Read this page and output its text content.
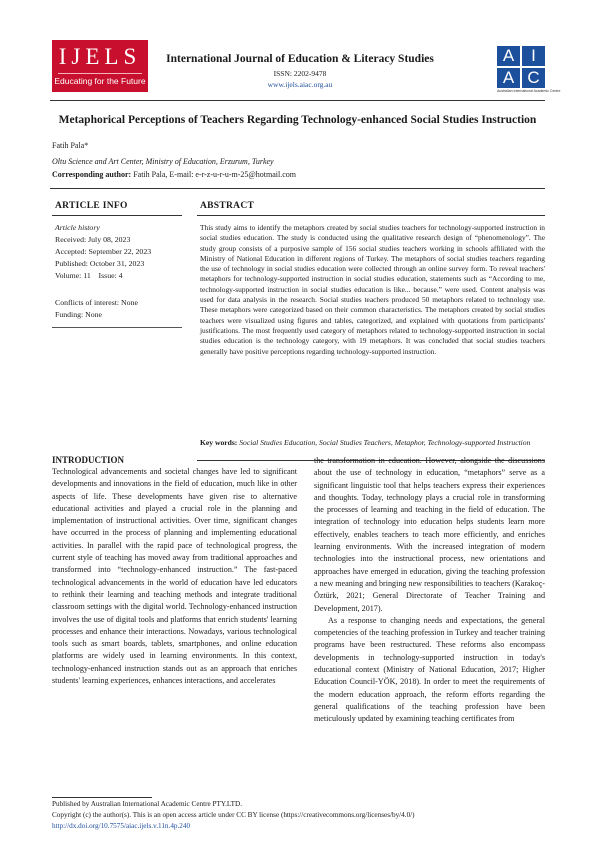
IJELS
Educating for the Future
International Journal of Education & Literacy Studies
ISSN: 2202-9478
www.ijels.aiac.org.au
A I
A C
Australian International Academic Centre
Metaphorical Perceptions of Teachers Regarding Technology-enhanced Social Studies Instruction
Fatih Pala*
Oltu Science and Art Center, Ministry of Education, Erzurum, Turkey
Corresponding author: Fatih Pala, E-mail: e-r-z-u-r-u-m-25@hotmail.com
ARTICLE INFO
Article history
Received: July 08, 2023
Accepted: September 22, 2023
Published: October 31, 2023
Volume: 11    Issue: 4
Conflicts of interest: None
Funding: None
ABSTRACT
This study aims to identify the metaphors created by social studies teachers for technology-supported instruction in social studies education. The study is conducted using the qualitative research design of “phenomenology”. The study group consists of a purposive sample of 156 social studies teachers working in schools affiliated with the Ministry of National Education in different regions of Turkey. The metaphors of social studies teachers regarding the use of technology in social studies education were collected through an online survey form. To reveal teachers' metaphors for technology-supported instruction in social studies education, statements such as “According to me, technology-supported instruction in social studies education is like... because.” were used. Content analysis was used for data analysis in the research. Social studies teachers produced 50 metaphors related to technology use. These metaphors were categorized based on their common characteristics. The metaphors created by social studies teachers were visualized using figures and tables, categorized, and explained with quotations from participants' justifications. The most frequently used category of metaphors related to technology-supported instruction in social studies education is the technology category, with 19 metaphors. It was concluded that social studies teachers generally have positive perceptions regarding technology-supported instruction.
Key words: Social Studies Education, Social Studies Teachers, Metaphor, Technology-supported Instruction
INTRODUCTION

Technological advancements and societal changes have led to significant developments and innovations in the field of education, much like in other aspects of life. These developments have given rise to alternative educational activities and played a crucial role in the planning and implementation of instructional activities. Over time, significant changes have occurred in the process of planning and implementing educational activities. In parallel with the rapid pace of technological progress, the current style of teaching has moved away from traditional approaches and transformed into “technology-enhanced instruction.” The fast-paced technological advancements in the world of education have led educators to rethink their learning and teaching methods and integrate traditional classroom settings with the digital world. Technology-enhanced instruction involves the use of digital tools and platforms that enrich students' learning processes and enhance their interactions. Nowadays, various technological tools such as smart boards, tablets, smartphones, and online education platforms are widely used in learning environments. In this context, technology-enhanced instruction stands out as an approach that enriches students' learning experiences, enhances interactions, and accelerates

the transformation in education. However, alongside the discussions about the use of technology in education, “metaphors” serve as a significant linguistic tool that helps teachers express their experiences and thoughts. Today, technology plays a crucial role in transforming the processes of learning and teaching in the field of education. The integration of technology into education helps students learn more effectively, enables teachers to teach more efficiently, and enriches learning environments. With the increased integration of modern technologies into the instructional process, new orientations and approaches have emerged in education, giving the teaching profession a new meaning and bringing new responsibilities to teachers (Karakoç-Öztürk, 2021; General Directorate of Teacher Training and Development, 2017).

As a response to changing needs and expectations, the general competencies of the teaching profession in Turkey and teacher training programs have been restructured. These reforms also encompass developments in technology-supported instruction in today's educational context (Ministry of National Education, 2017; Higher Education Council-YÖK, 2018). In order to meet the requirements of the modern education approach, the reform efforts regarding the general qualifications of the teaching profession have been meticulously updated by examining teaching certificates from

Published by Australian International Academic Centre PTY.LTD.
Copyright (c) the author(s). This is an open access article under CC BY license (https://creativecommons.org/licenses/by/4.0/)
http://dx.doi.org/10.7575/aiac.ijels.v.11n.4p.240
